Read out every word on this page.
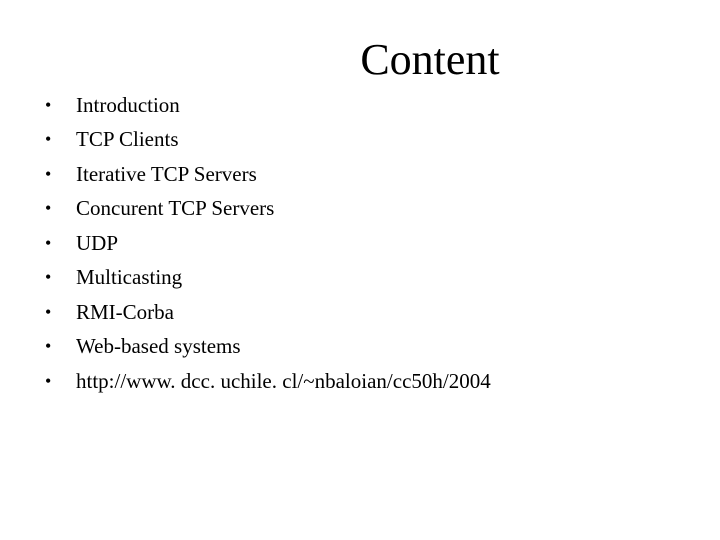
Content
•	Introduction
•	TCP Clients
•	Iterative TCP Servers
•	Concurent TCP Servers
•	UDP
•	Multicasting
•	RMI-Corba
•	Web-based systems
•	http://www. dcc. uchile. cl/~nbaloian/cc50h/2004
